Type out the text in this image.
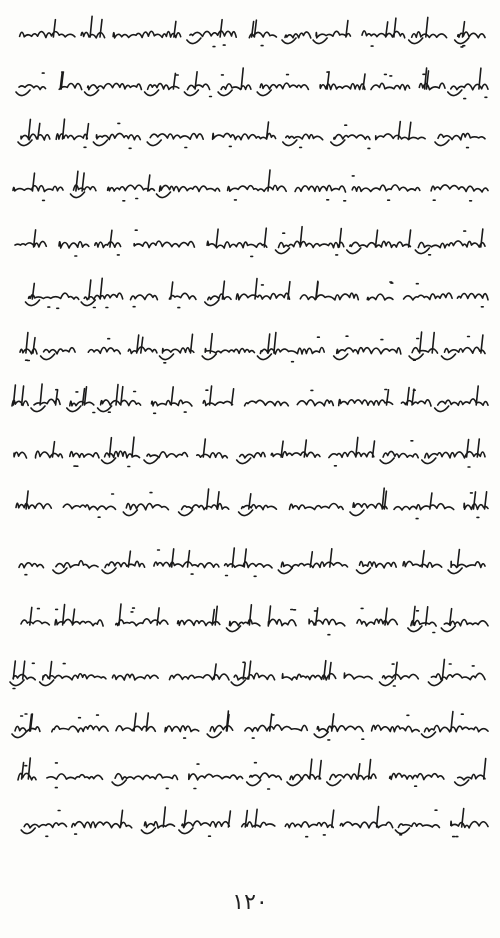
١٢٠
